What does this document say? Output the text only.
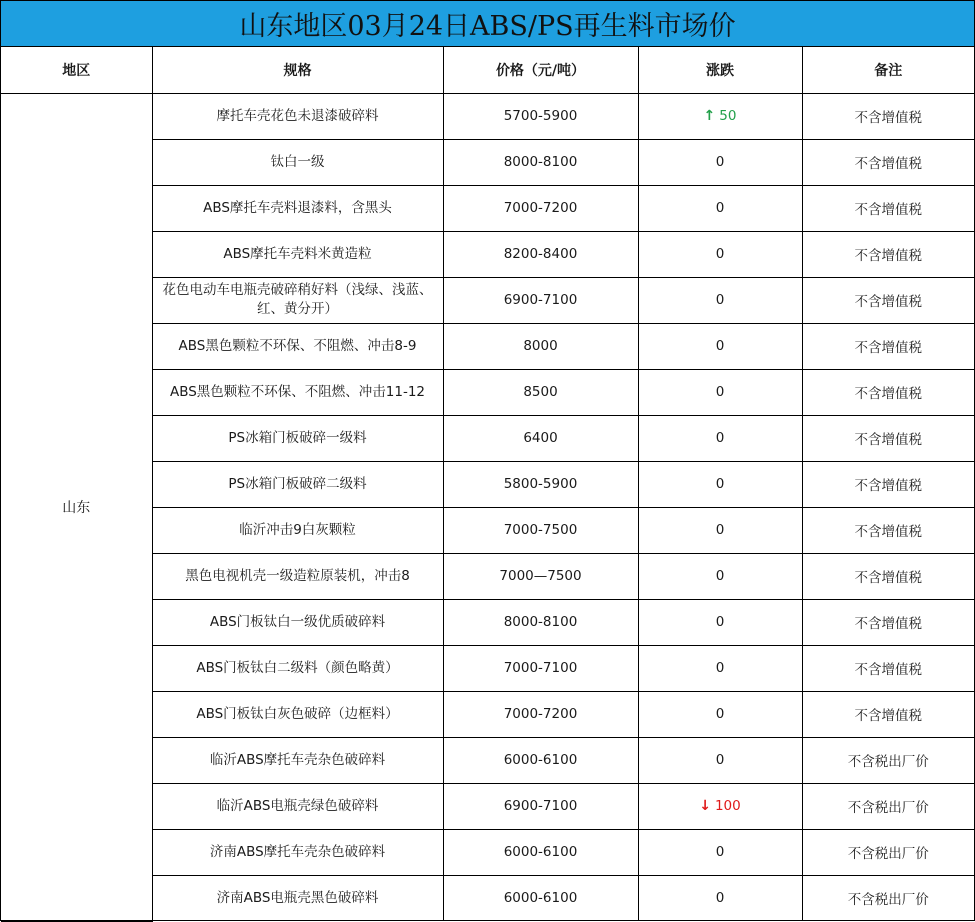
山东地区03月24日ABS/PS再生料市场价
地区	规格	价格（元/吨）	涨跌	备注
山东	摩托车壳花色未退漆破碎料	5700-5900	↑ 50	不含增值税
	钛白一级	8000-8100	0	不含增值税
	ABS摩托车壳料退漆料，含黑头	7000-7200	0	不含增值税
	ABS摩托车壳料米黄造粒	8200-8400	0	不含增值税
	花色电动车电瓶壳破碎稍好料（浅绿、浅蓝、红、黄分开）	6900-7100	0	不含增值税
	ABS黑色颗粒不环保、不阻燃、冲击8-9	8000	0	不含增值税
	ABS黑色颗粒不环保、不阻燃、冲击11-12	8500	0	不含增值税
	PS冰箱门板破碎一级料	6400	0	不含增值税
	PS冰箱门板破碎二级料	5800-5900	0	不含增值税
	临沂冲击9白灰颗粒	7000-7500	0	不含增值税
	黑色电视机壳一级造粒原装机，冲击8	7000—7500	0	不含增值税
	ABS门板钛白一级优质破碎料	8000-8100	0	不含增值税
	ABS门板钛白二级料（颜色略黄）	7000-7100	0	不含增值税
	ABS门板钛白灰色破碎（边框料）	7000-7200	0	不含增值税
	临沂ABS摩托车壳杂色破碎料	6000-6100	0	不含税出厂价
	临沂ABS电瓶壳绿色破碎料	6900-7100	↓ 100	不含税出厂价
	济南ABS摩托车壳杂色破碎料	6000-6100	0	不含税出厂价
	济南ABS电瓶壳黑色破碎料	6000-6100	0	不含税出厂价
